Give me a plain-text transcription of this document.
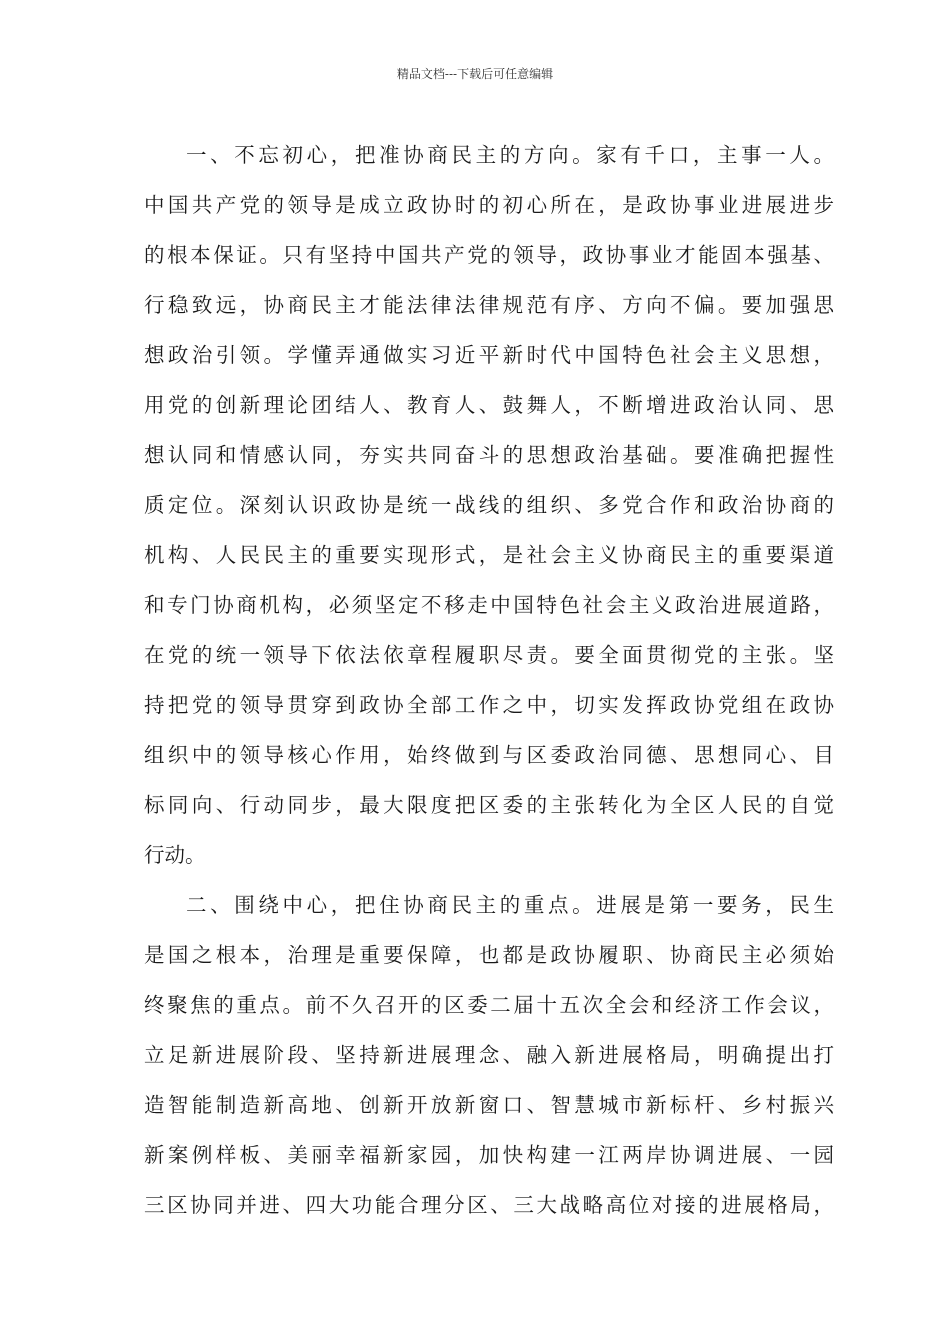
精品文档---下载后可任意编辑
一、不忘初心，把准协商民主的方向。家有千口，主事一人。
中国共产党的领导是成立政协时的初心所在，是政协事业进展进步
的根本保证。只有坚持中国共产党的领导，政协事业才能固本强基、
行稳致远，协商民主才能法律法律规范有序、方向不偏。要加强思
想政治引领。学懂弄通做实习近平新时代中国特色社会主义思想，
用党的创新理论团结人、教育人、鼓舞人，不断增进政治认同、思
想认同和情感认同，夯实共同奋斗的思想政治基础。要准确把握性
质定位。深刻认识政协是统一战线的组织、多党合作和政治协商的
机构、人民民主的重要实现形式，是社会主义协商民主的重要渠道
和专门协商机构，必须坚定不移走中国特色社会主义政治进展道路，
在党的统一领导下依法依章程履职尽责。要全面贯彻党的主张。坚
持把党的领导贯穿到政协全部工作之中，切实发挥政协党组在政协
组织中的领导核心作用，始终做到与区委政治同德、思想同心、目
标同向、行动同步，最大限度把区委的主张转化为全区人民的自觉
行动。
二、围绕中心，把住协商民主的重点。进展是第一要务，民生
是国之根本，治理是重要保障，也都是政协履职、协商民主必须始
终聚焦的重点。前不久召开的区委二届十五次全会和经济工作会议，
立足新进展阶段、坚持新进展理念、融入新进展格局，明确提出打
造智能制造新高地、创新开放新窗口、智慧城市新标杆、乡村振兴
新案例样板、美丽幸福新家园，加快构建一江两岸协调进展、一园
三区协同并进、四大功能合理分区、三大战略高位对接的进展格局，
